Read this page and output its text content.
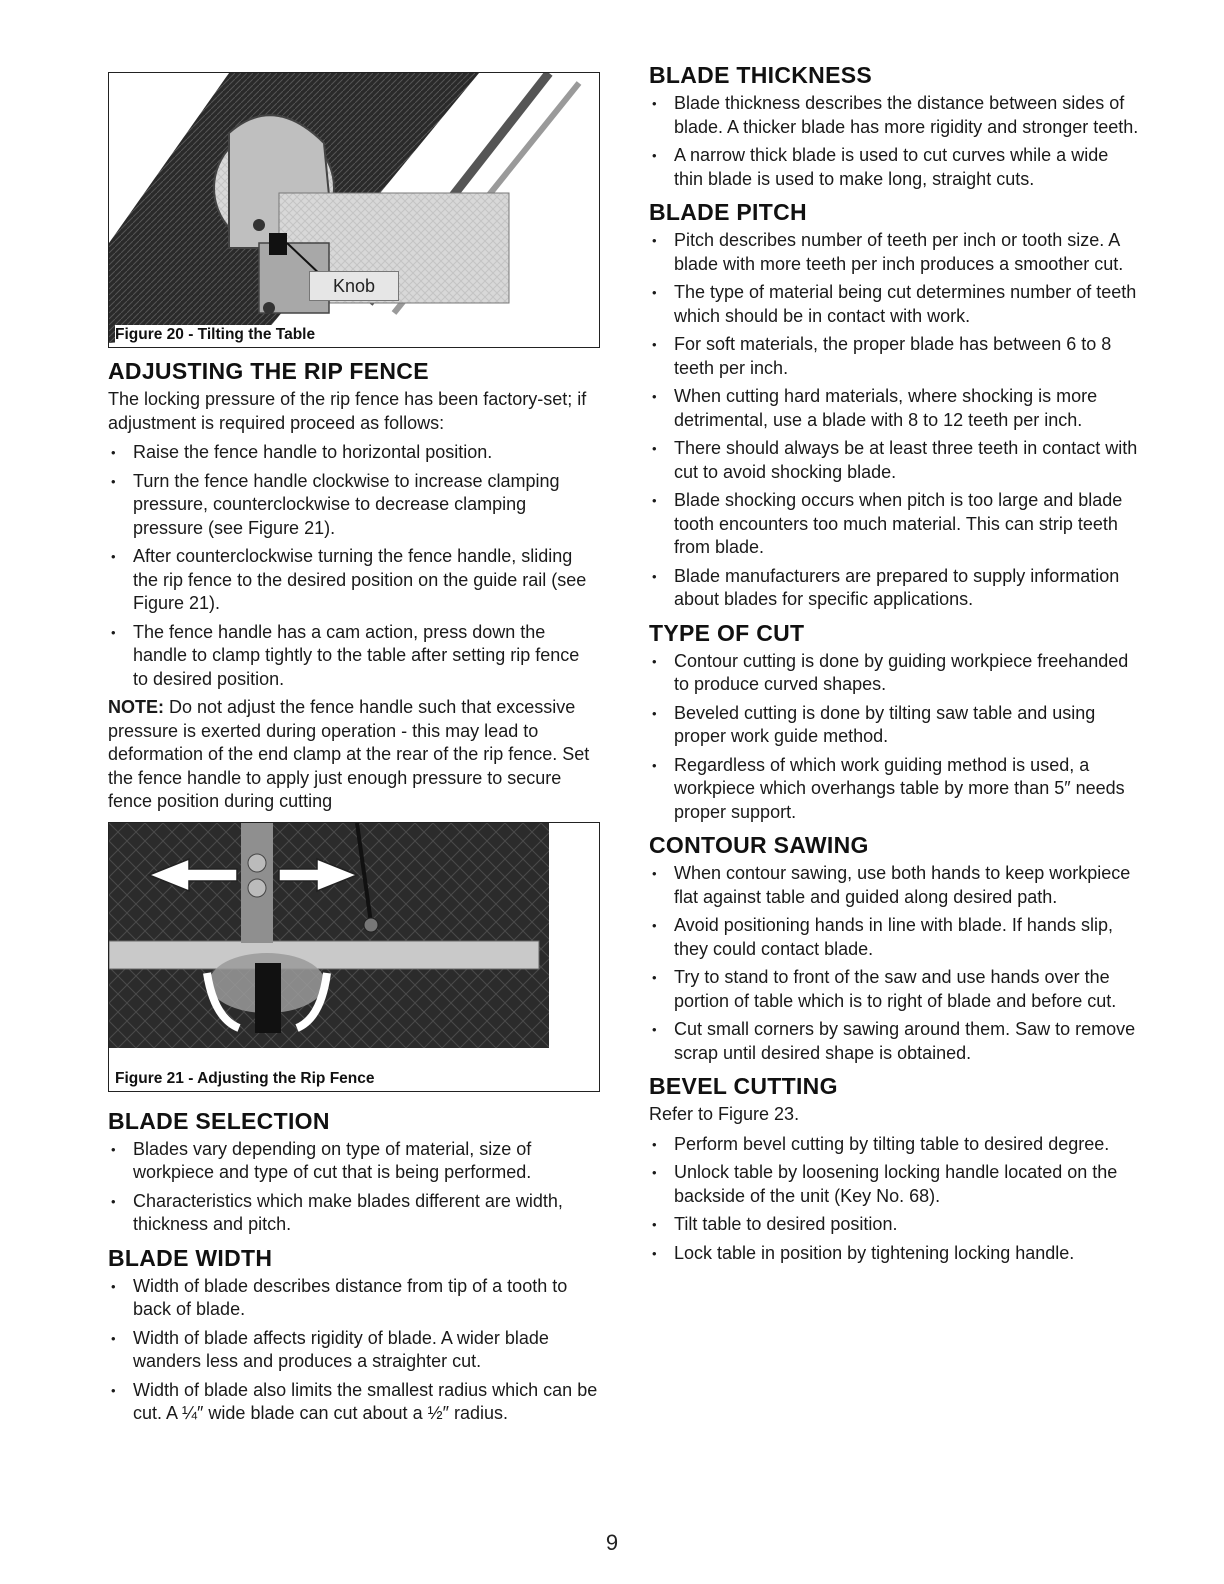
Knob
Figure 20 - Tilting the Table
ADJUSTING THE RIP FENCE

The locking pressure of the rip fence has been factory-set; if adjustment is required proceed as follows:

• Raise the fence handle to horizontal position.
• Turn the fence handle clockwise to increase clamping pressure, counterclockwise to decrease clamping pressure (see Figure 21).
• After counterclockwise turning the fence handle, sliding the rip fence to the desired position on the guide rail (see Figure 21).
• The fence handle has a cam action, press down the handle to clamp tightly to the table after setting rip fence to desired position.

NOTE: Do not adjust the fence handle such that excessive pressure is exerted during operation - this may lead to deformation of the end clamp at the rear of the rip fence. Set the fence handle to apply just enough pressure to secure fence position during cutting

Figure 21 - Adjusting the Rip Fence
BLADE SELECTION
• Blades vary depending on type of material, size of workpiece and type of cut that is being performed.
• Characteristics which make blades different are width, thickness and pitch.
BLADE WIDTH
• Width of blade describes distance from tip of a tooth to back of blade.
• Width of blade affects rigidity of blade. A wider blade wanders less and produces a straighter cut.
• Width of blade also limits the smallest radius which can be cut. A ¼″ wide blade can cut about a ½″ radius.
BLADE THICKNESS
• Blade thickness describes the distance between sides of blade. A thicker blade has more rigidity and stronger teeth.
• A narrow thick blade is used to cut curves while a wide thin blade is used to make long, straight cuts.
BLADE PITCH
• Pitch describes number of teeth per inch or tooth size. A blade with more teeth per inch produces a smoother cut.
• The type of material being cut determines number of teeth which should be in contact with work.
• For soft materials, the proper blade has between 6 to 8 teeth per inch.
• When cutting hard materials, where shocking is more detrimental, use a blade with 8 to 12 teeth per inch.
• There should always be at least three teeth in contact with cut to avoid shocking blade.
• Blade shocking occurs when pitch is too large and blade tooth encounters too much material. This can strip teeth from blade.
• Blade manufacturers are prepared to supply information about blades for specific applications.
TYPE OF CUT
• Contour cutting is done by guiding workpiece freehanded to produce curved shapes.
• Beveled cutting is done by tilting saw table and using proper work guide method.
• Regardless of which work guiding method is used, a workpiece which overhangs table by more than 5″ needs proper support.
CONTOUR SAWING
• When contour sawing, use both hands to keep workpiece flat against table and guided along desired path.
• Avoid positioning hands in line with blade. If hands slip, they could contact blade.
• Try to stand to front of the saw and use hands over the portion of table which is to right of blade and before cut.
• Cut small corners by sawing around them. Saw to remove scrap until desired shape is obtained.
BEVEL CUTTING

Refer to Figure 23.

• Perform bevel cutting by tilting table to desired degree.
• Unlock table by loosening locking handle located on the backside of the unit (Key No. 68).
• Tilt table to desired position.
• Lock table in position by tightening locking handle.
9
